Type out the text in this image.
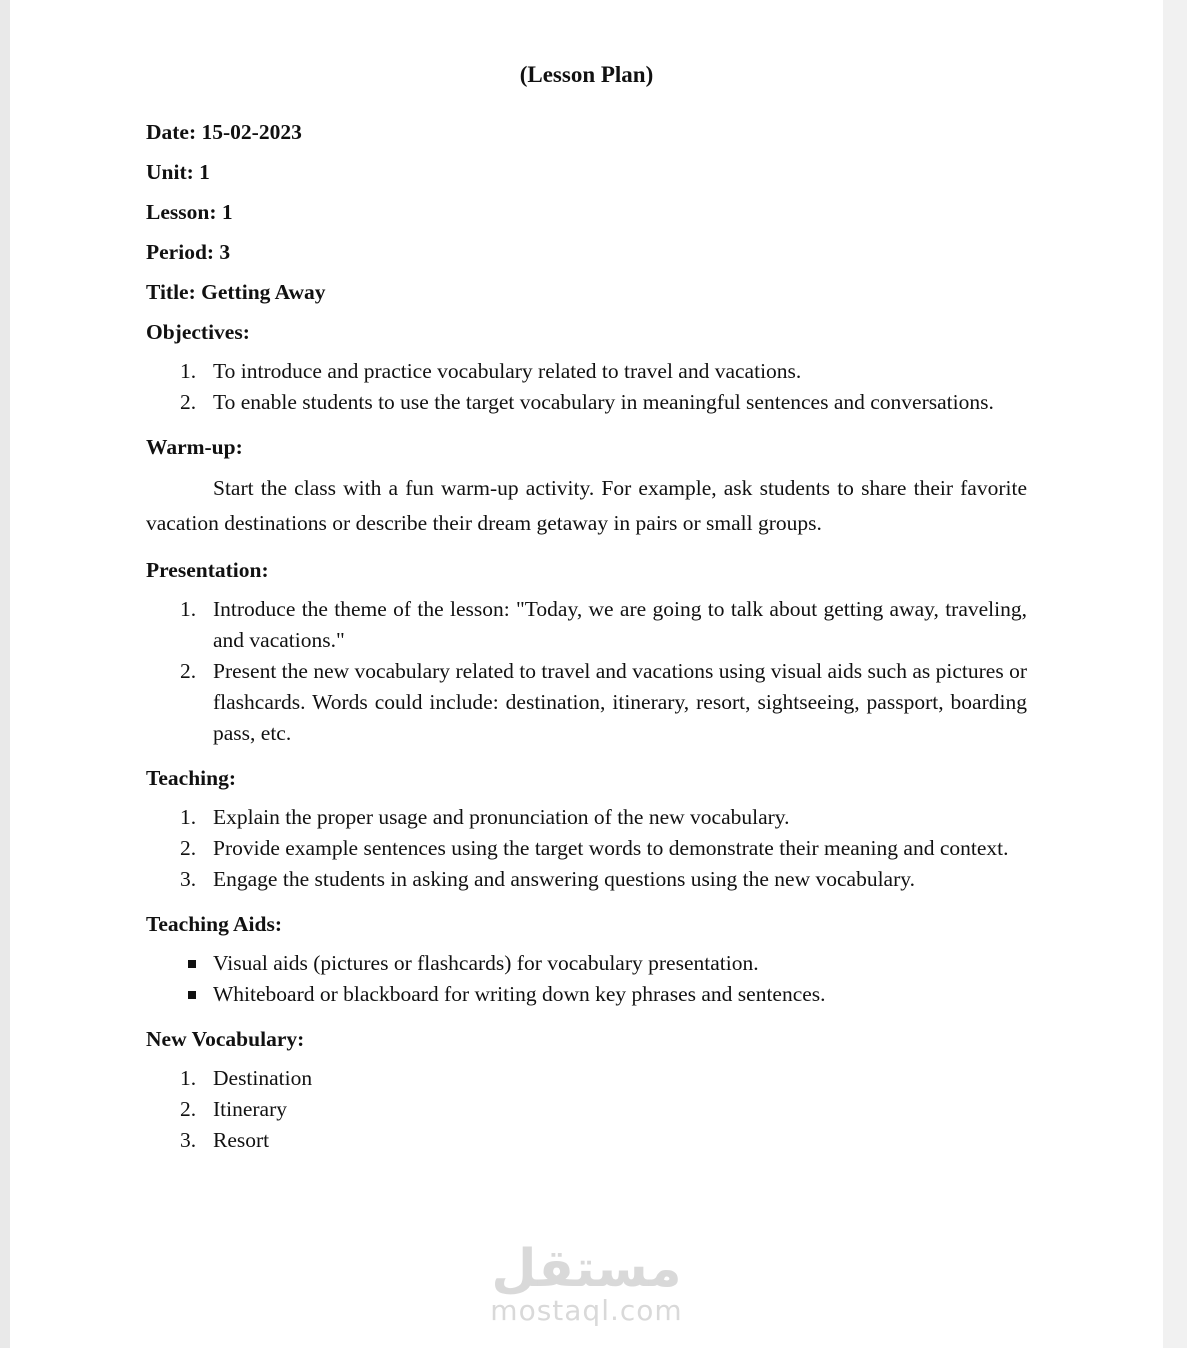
(Lesson Plan)
Date: 15-02-2023
Unit: 1
Lesson: 1
Period: 3
Title: Getting Away
Objectives:
To introduce and practice vocabulary related to travel and vacations.
To enable students to use the target vocabulary in meaningful sentences and conversations.
Warm-up:
Start the class with a fun warm-up activity. For example, ask students to share their favorite vacation destinations or describe their dream getaway in pairs or small groups.
Presentation:
Introduce the theme of the lesson: "Today, we are going to talk about getting away, traveling, and vacations."
Present the new vocabulary related to travel and vacations using visual aids such as pictures or flashcards. Words could include: destination, itinerary, resort, sightseeing, passport, boarding pass, etc.
Teaching:
Explain the proper usage and pronunciation of the new vocabulary.
Provide example sentences using the target words to demonstrate their meaning and context.
Engage the students in asking and answering questions using the new vocabulary.
Teaching Aids:
Visual aids (pictures or flashcards) for vocabulary presentation.
Whiteboard or blackboard for writing down key phrases and sentences.
New Vocabulary:
Destination
Itinerary
Resort
مستقل
mostaql.com
